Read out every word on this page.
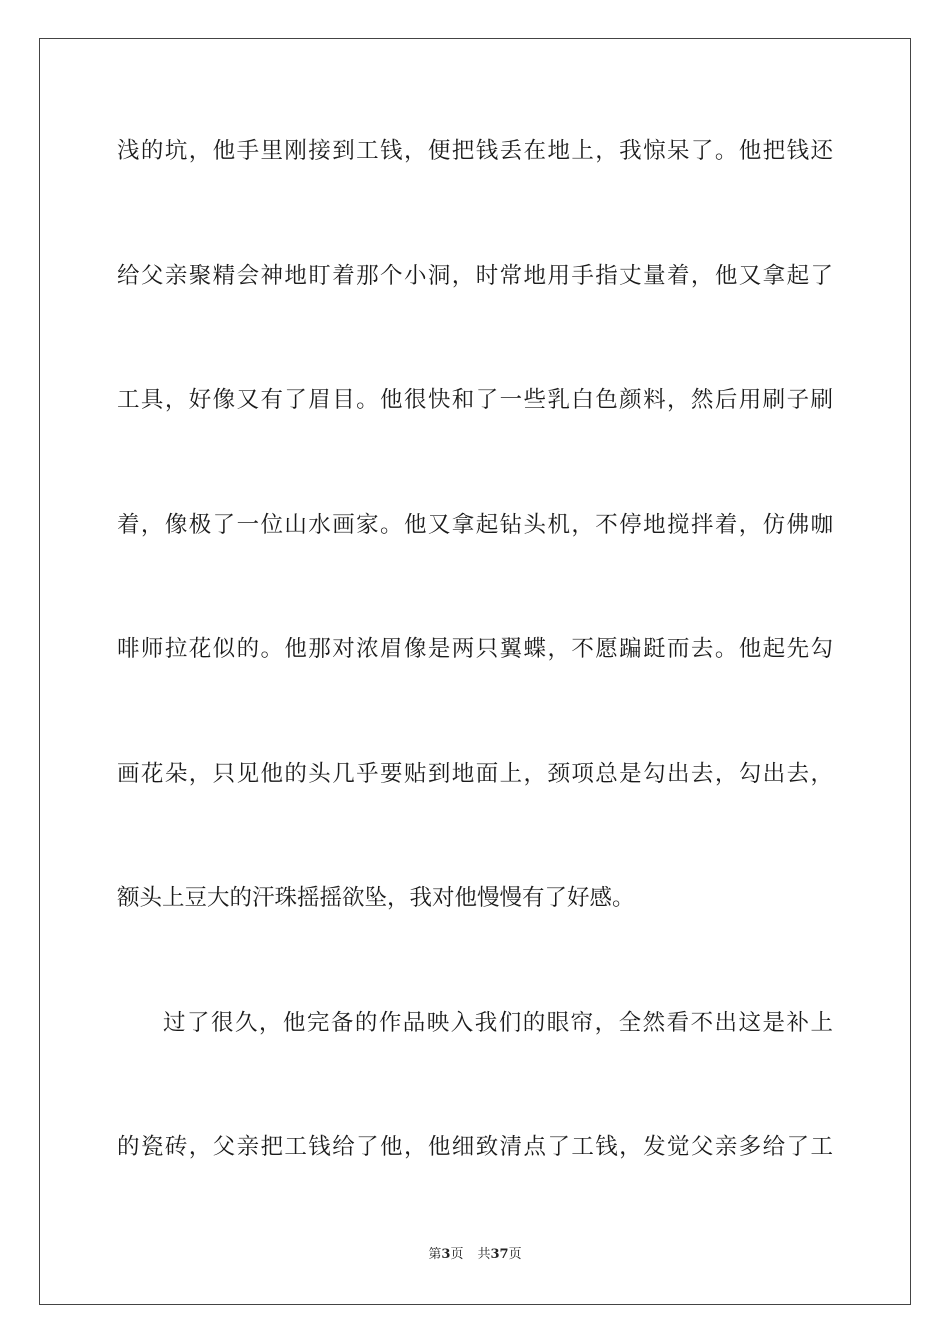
浅的坑，他手里刚接到工钱，便把钱丢在地上，我惊呆了。他把钱还
给父亲聚精会神地盯着那个小洞，时常地用手指丈量着，他又拿起了
工具，好像又有了眉目。他很快和了一些乳白色颜料，然后用刷子刷
着，像极了一位山水画家。他又拿起钻头机，不停地搅拌着，仿佛咖
啡师拉花似的。他那对浓眉像是两只翼蝶，不愿蹁跹而去。他起先勾
画花朵，只见他的头几乎要贴到地面上，颈项总是勾出去，勾出去，
额头上豆大的汗珠摇摇欲坠，我对他慢慢有了好感。
过了很久，他完备的作品映入我们的眼帘，全然看不出这是补上
的瓷砖，父亲把工钱给了他，他细致清点了工钱，发觉父亲多给了工
第3页 共37页
